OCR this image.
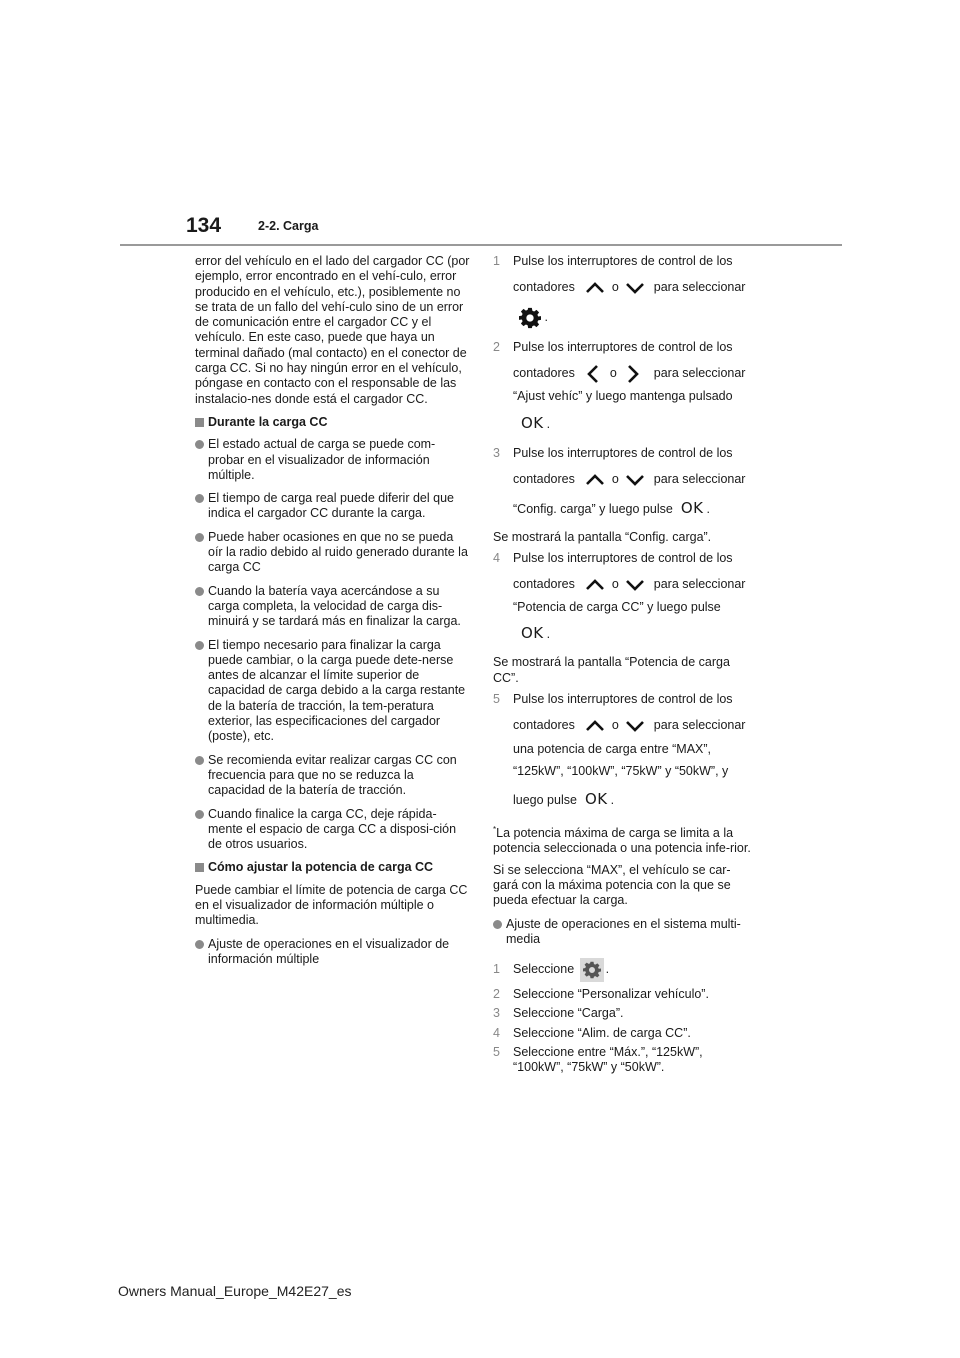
134	2-2. Carga

error del vehículo en el lado del cargador CC (por ejemplo, error encontrado en el vehí-culo, error producido en el vehículo, etc.), posiblemente no se trata de un fallo del vehí-culo sino de un error de comunicación entre el cargador CC y el vehículo. En este caso, puede que haya un terminal dañado (mal contacto) en el conector de carga CC. Si no hay ningún error en el vehículo, póngase en contacto con el responsable de las instalacio-nes donde está el cargador CC.

Durante la carga CC
El estado actual de carga se puede com-probar en el visualizador de información múltiple.
El tiempo de carga real puede diferir del que indica el cargador CC durante la carga.
Puede haber ocasiones en que no se pueda oír la radio debido al ruido generado durante la carga CC
Cuando la batería vaya acercándose a su carga completa, la velocidad de carga dis-minuirá y se tardará más en finalizar la carga.
El tiempo necesario para finalizar la carga puede cambiar, o la carga puede dete-nerse antes de alcanzar el límite superior de capacidad de carga debido a la carga restante de la batería de tracción, la tem-peratura exterior, las especificaciones del cargador (poste), etc.
Se recomienda evitar realizar cargas CC con frecuencia para que no se reduzca la capacidad de la batería de tracción.
Cuando finalice la carga CC, deje rápida-mente el espacio de carga CC a disposi-ción de otros usuarios.
Cómo ajustar la potencia de carga CC

Puede cambiar el límite de potencia de carga CC en el visualizador de información múltiple o multimedia.

Ajuste de operaciones en el visualizador de información múltiple
1 Pulse los interruptores de control de los
contadores	o	para seleccionar
.
2 Pulse los interruptores de control de los
contadores	o	para seleccionar
“Ajust vehíc” y luego mantenga pulsado
OK .
3 Pulse los interruptores de control de los
contadores	o	para seleccionar
“Config. carga” y luego pulse OK .

Se mostrará la pantalla “Config. carga”.

4 Pulse los interruptores de control de los
contadores	o	para seleccionar
“Potencia de carga CC” y luego pulse
OK .

Se mostrará la pantalla “Potencia de carga CC”.

5 Pulse los interruptores de control de los
contadores	o	para seleccionar
una potencia de carga entre “MAX”,
“125kW”, “100kW”, “75kW” y “50kW”, y
luego pulse OK .

*La potencia máxima de carga se limita a la potencia seleccionada o una potencia infe-rior.

Si se selecciona “MAX”, el vehículo se car-gará con la máxima potencia con la que se pueda efectuar la carga.

Ajuste de operaciones en el sistema multi-media
1 Seleccione	.
2 Seleccione “Personalizar vehículo”.
3 Seleccione “Carga”.
4 Seleccione “Alim. de carga CC”.
5 Seleccione entre “Máx.”, “125kW”, “100kW”, “75kW” y “50kW”.
Owners Manual_Europe_M42E27_es
